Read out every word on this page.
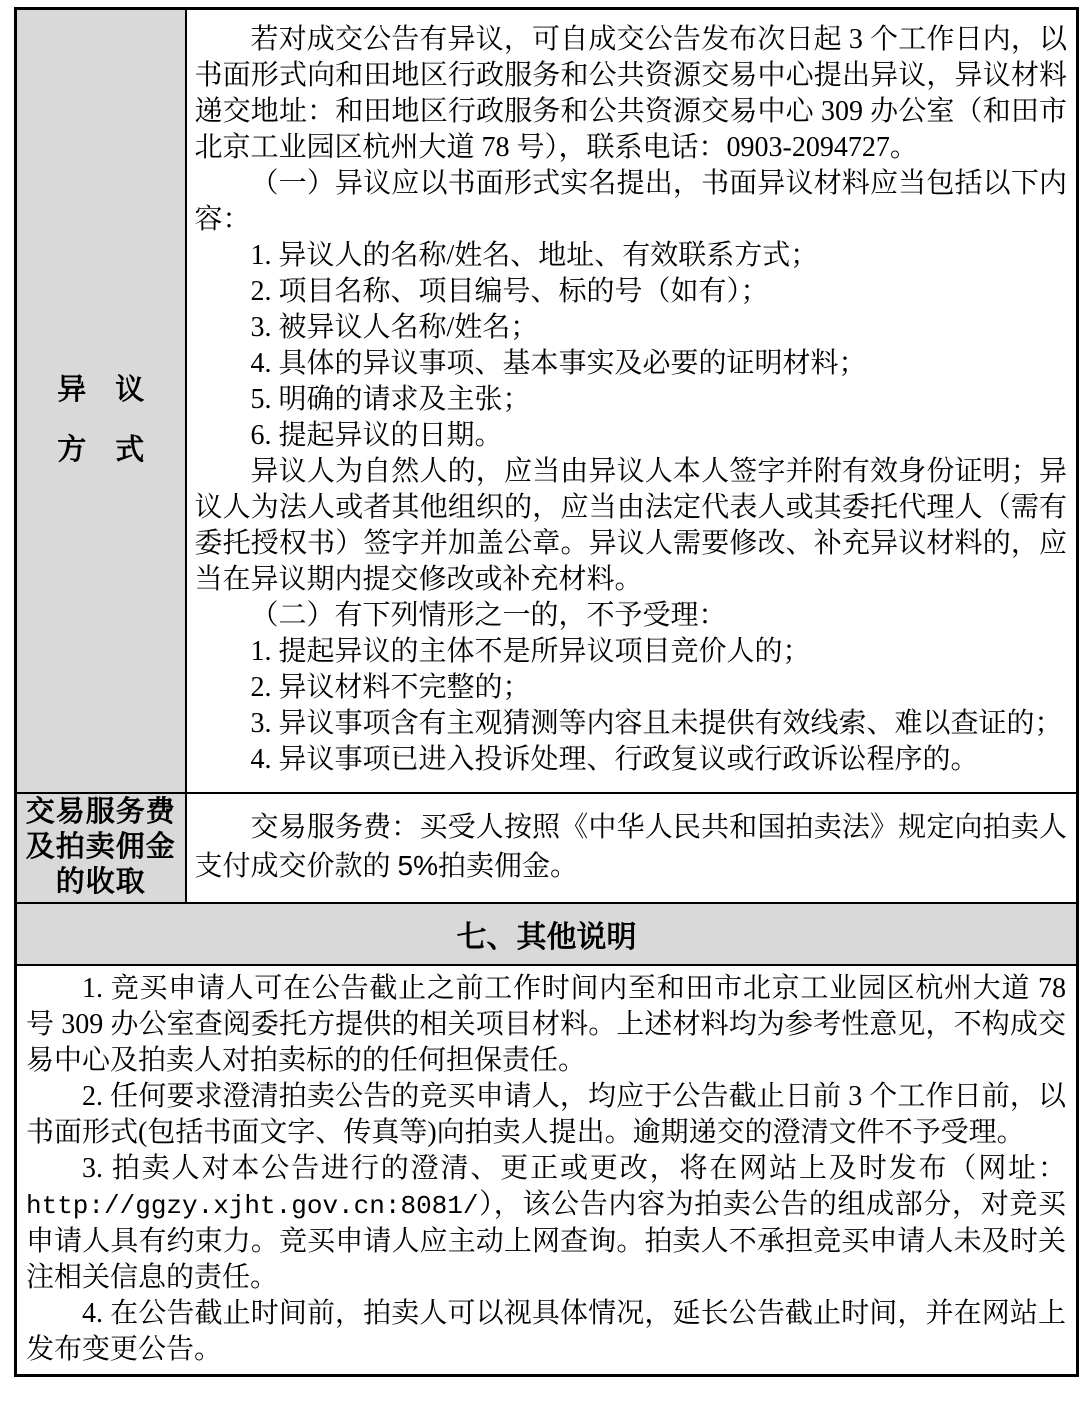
异　议
方　式

若对成交公告有异议，可自成交公告发布次日起 3 个工作日内，以书面形式向和田地区行政服务和公共资源交易中心提出异议，异议材料递交地址：和田地区行政服务和公共资源交易中心 309 办公室（和田市北京工业园区杭州大道 78 号），联系电话：0903-2094727。

（一）异议应以书面形式实名提出，书面异议材料应当包括以下内容：

1. 异议人的名称/姓名、地址、有效联系方式；

2. 项目名称、项目编号、标的号（如有）；

3. 被异议人名称/姓名；

4. 具体的异议事项、基本事实及必要的证明材料；

5. 明确的请求及主张；

6. 提起异议的日期。

异议人为自然人的，应当由异议人本人签字并附有效身份证明；异议人为法人或者其他组织的，应当由法定代表人或其委托代理人（需有委托授权书）签字并加盖公章。异议人需要修改、补充异议材料的，应当在异议期内提交修改或补充材料。

（二）有下列情形之一的，不予受理：

1. 提起异议的主体不是所异议项目竞价人的；

2. 异议材料不完整的；

3. 异议事项含有主观猜测等内容且未提供有效线索、难以查证的；

4. 异议事项已进入投诉处理、行政复议或行政诉讼程序的。

交易服务费
及拍卖佣金
的收取	交易服务费：买受人按照《中华人民共和国拍卖法》规定向拍卖人支付成交价款的 5%拍卖佣金。

七、其他说明	

1. 竞买申请人可在公告截止之前工作时间内至和田市北京工业园区杭州大道 78 号 309 办公室查阅委托方提供的相关项目材料。上述材料均为参考性意见，不构成交易中心及拍卖人对拍卖标的的任何担保责任。

2. 任何要求澄清拍卖公告的竞买申请人，均应于公告截止日前 3 个工作日前，以书面形式(包括书面文字、传真等)向拍卖人提出。逾期递交的澄清文件不予受理。

3. 拍卖人对本公告进行的澄清、更正或更改，将在网站上及时发布（网址：http://ggzy.xjht.gov.cn:8081/），该公告内容为拍卖公告的组成部分，对竞买申请人具有约束力。竞买申请人应主动上网查询。拍卖人不承担竞买申请人未及时关注相关信息的责任。

4. 在公告截止时间前，拍卖人可以视具体情况，延长公告截止时间，并在网站上发布变更公告。	
